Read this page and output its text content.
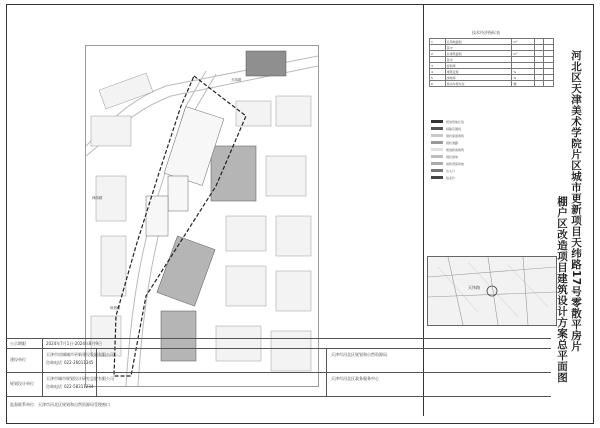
天纬路
律纬路
规划路
技术经济指标表
1	总用地面积	m²		
	其中			
2	总建筑面积	m²		
	其中			
3	容积率			
4	建筑密度	%		
5	绿地率	%		
6	机动车停车位	辆		
规划用地红线
拆除范围线
现状保留建筑
现状道路
规划新建建筑
现状绿地
消防登高场地
出入口
指北针
天纬路	河北区天津美术学院片区城市更新项目天纬路17号零散平房片
棚户区改造项目建筑设计方案总平面图
公示期限	2024年7月1日-2024年8月9日
建设单位
天津市房城城市更新建设发展有限公司
咨询电话 022-26011345
天津市河北区规划和自然资源局
规划设计单位
天津市城市规划设计研究总院有限公司
咨询电话 022-58311234
天津市河北区政务服务中心
监督联系单位：天津市河北区规划和自然资源局受理窗口
